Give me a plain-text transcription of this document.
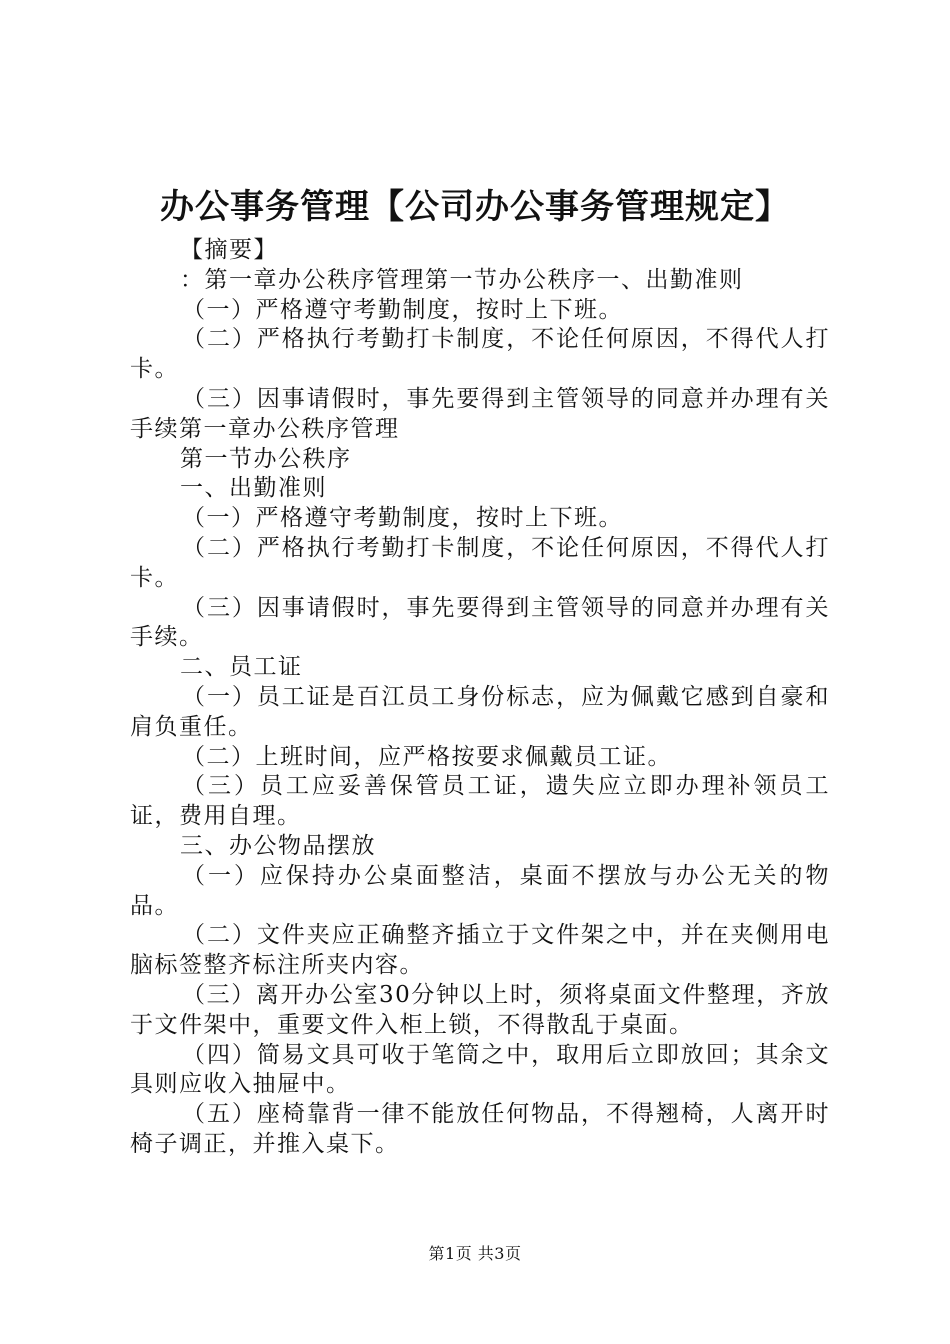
办公事务管理【公司办公事务管理规定】

【摘要】

：第一章办公秩序管理第一节办公秩序一、出勤准则

（一）严格遵守考勤制度，按时上下班。

（二）严格执行考勤打卡制度，不论任何原因，不得代人打卡。

（三）因事请假时，事先要得到主管领导的同意并办理有关手续第一章办公秩序管理

第一节办公秩序

一、出勤准则

（一）严格遵守考勤制度，按时上下班。

（二）严格执行考勤打卡制度，不论任何原因，不得代人打卡。

（三）因事请假时，事先要得到主管领导的同意并办理有关手续。

二、员工证

（一）员工证是百江员工身份标志，应为佩戴它感到自豪和肩负重任。

（二）上班时间，应严格按要求佩戴员工证。

（三）员工应妥善保管员工证，遗失应立即办理补领员工证，费用自理。

三、办公物品摆放

（一）应保持办公桌面整洁，桌面不摆放与办公无关的物品。

（二）文件夹应正确整齐插立于文件架之中，并在夹侧用电脑标签整齐标注所夹内容。

（三）离开办公室30分钟以上时，须将桌面文件整理，齐放于文件架中，重要文件入柜上锁，不得散乱于桌面。

（四）简易文具可收于笔筒之中，取用后立即放回；其余文具则应收入抽屉中。

（五）座椅靠背一律不能放任何物品，不得翘椅，人离开时椅子调正，并推入桌下。

第1页 共3页
